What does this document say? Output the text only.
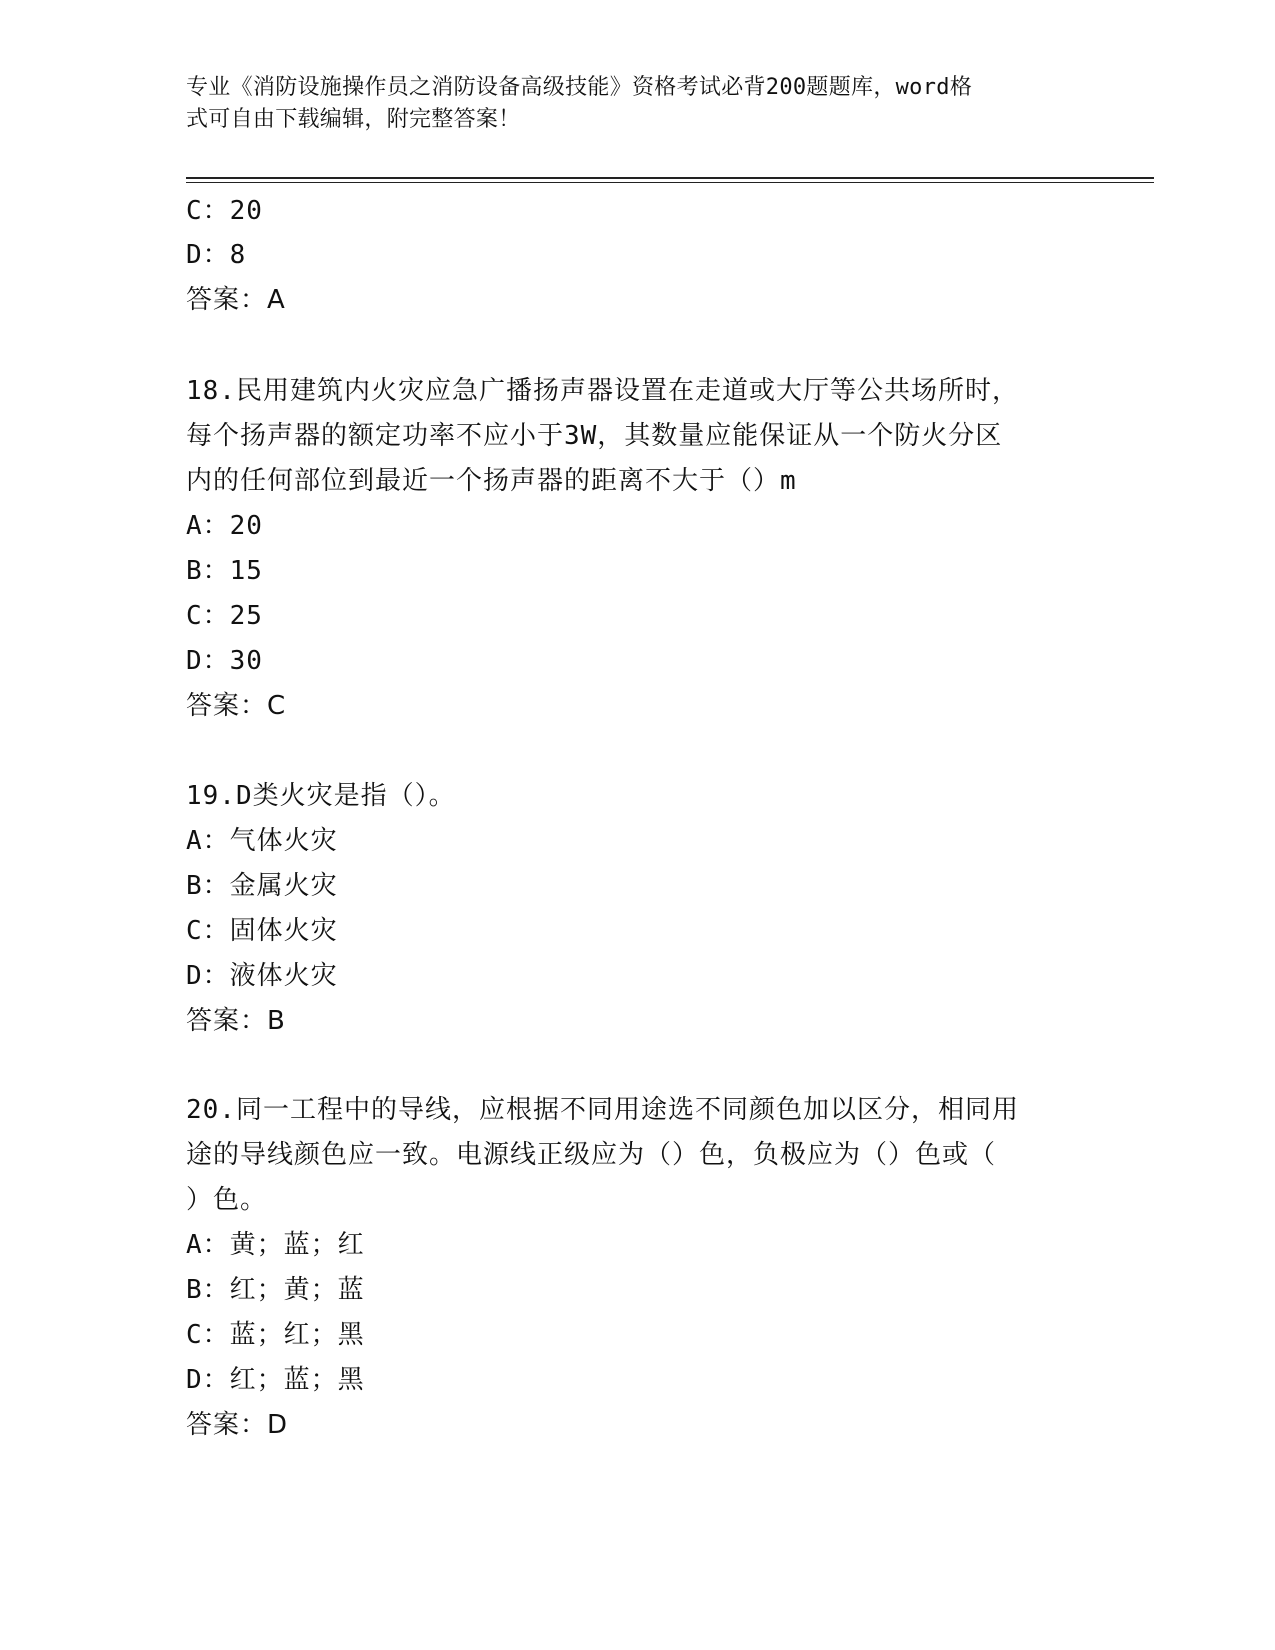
专业《消防设施操作员之消防设备高级技能》资格考试必背200题题库，word格
式可自由下载编辑，附完整答案！
C：20
D：8
答案：A
18.民用建筑内火灾应急广播扬声器设置在走道或大厅等公共场所时，
每个扬声器的额定功率不应小于3W，其数量应能保证从一个防火分区
内的任何部位到最近一个扬声器的距离不大于（）m
A：20
B：15
C：25
D：30
答案：C
19.D类火灾是指（）。
A：气体火灾
B：金属火灾
C：固体火灾
D：液体火灾
答案：B
20.同一工程中的导线，应根据不同用途选不同颜色加以区分，相同用
途的导线颜色应一致。电源线正级应为（）色，负极应为（）色或（
）色。
A：黄；蓝；红
B：红；黄；蓝
C：蓝；红；黑
D：红；蓝；黑
答案：D
